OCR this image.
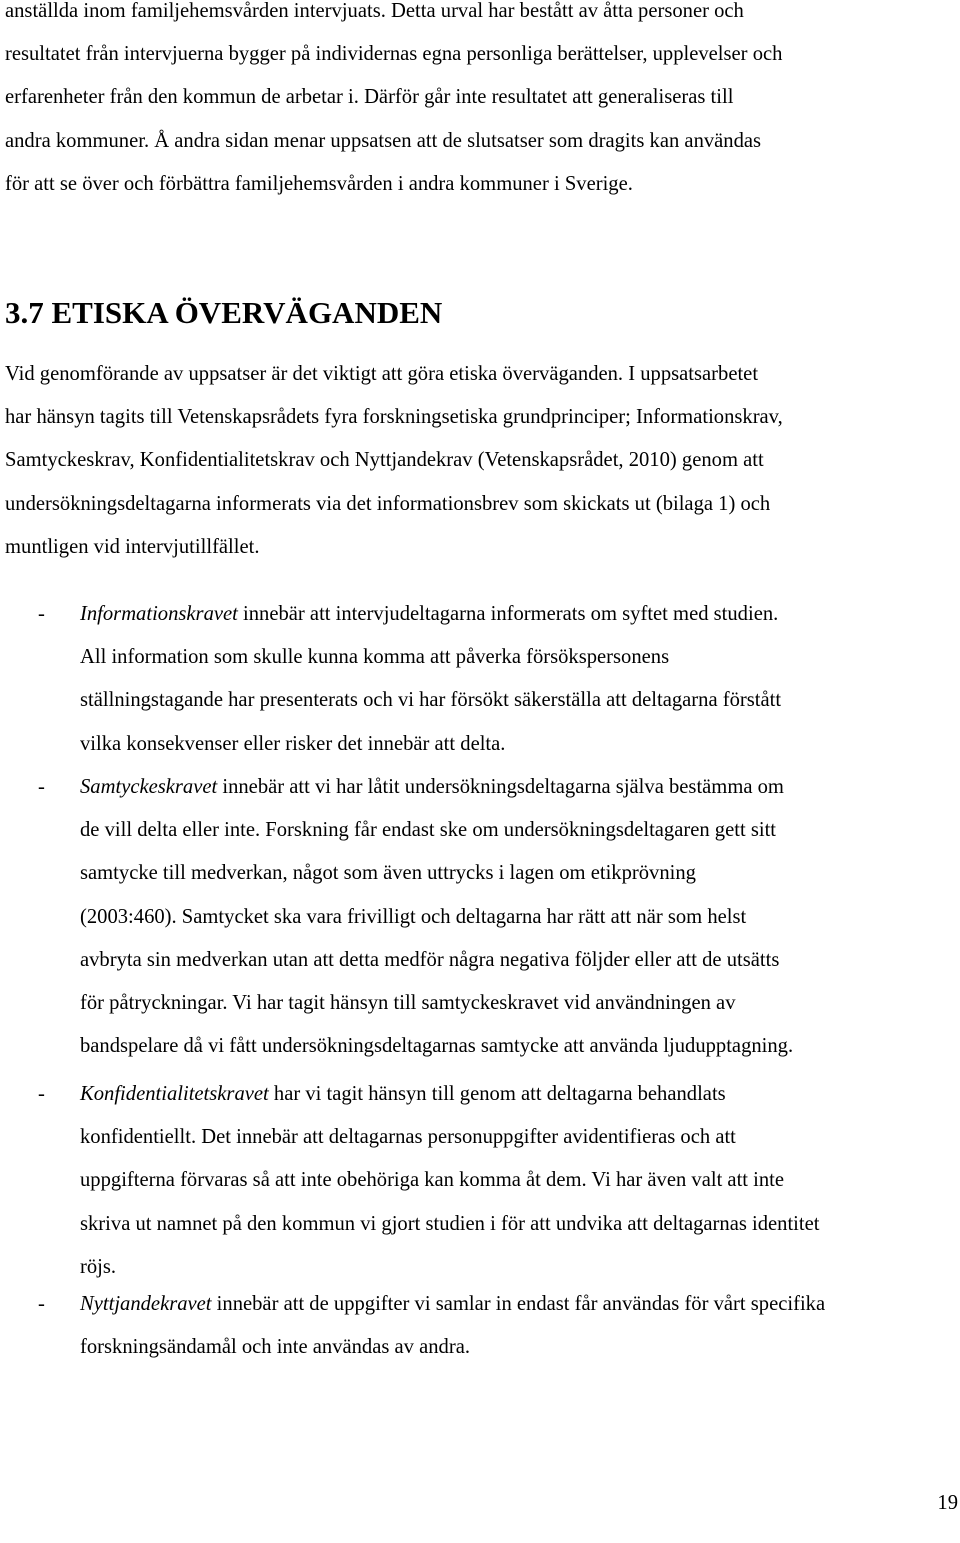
anställda inom familjehemsvården intervjuats. Detta urval har bestått av åtta personer och
resultatet från intervjuerna bygger på individernas egna personliga berättelser, upplevelser och
erfarenheter från den kommun de arbetar i. Därför går inte resultatet att generaliseras till
andra kommuner. Å andra sidan menar uppsatsen att de slutsatser som dragits kan användas
för att se över och förbättra familjehemsvården i andra kommuner i Sverige.

3.7 ETISKA ÖVERVÄGANDEN

Vid genomförande av uppsatser är det viktigt att göra etiska överväganden. I uppsatsarbetet
har hänsyn tagits till Vetenskapsrådets fyra forskningsetiska grundprinciper; Informationskrav,
Samtyckeskrav, Konfidentialitetskrav och Nyttjandekrav (Vetenskapsrådet, 2010) genom att
undersökningsdeltagarna informerats via det informationsbrev som skickats ut (bilaga 1) och
muntligen vid intervjutillfället.

- Informationskravet innebär att intervjudeltagarna informerats om syftet med studien.
All information som skulle kunna komma att påverka försökspersonens
ställningstagande har presenterats och vi har försökt säkerställa att deltagarna förstått
vilka konsekvenser eller risker det innebär att delta.
- Samtyckeskravet innebär att vi har låtit undersökningsdeltagarna själva bestämma om
de vill delta eller inte. Forskning får endast ske om undersökningsdeltagaren gett sitt
samtycke till medverkan, något som även uttrycks i lagen om etikprövning
(2003:460). Samtycket ska vara frivilligt och deltagarna har rätt att när som helst
avbryta sin medverkan utan att detta medför några negativa följder eller att de utsätts
för påtryckningar. Vi har tagit hänsyn till samtyckeskravet vid användningen av
bandspelare då vi fått undersökningsdeltagarnas samtycke att använda ljudupptagning.
- Konfidentialitetskravet har vi tagit hänsyn till genom att deltagarna behandlats
konfidentiellt. Det innebär att deltagarnas personuppgifter avidentifieras och att
uppgifterna förvaras så att inte obehöriga kan komma åt dem. Vi har även valt att inte
skriva ut namnet på den kommun vi gjort studien i för att undvika att deltagarnas identitet
röjs.
- Nyttjandekravet innebär att de uppgifter vi samlar in endast får användas för vårt specifika
forskningsändamål och inte användas av andra.
19
